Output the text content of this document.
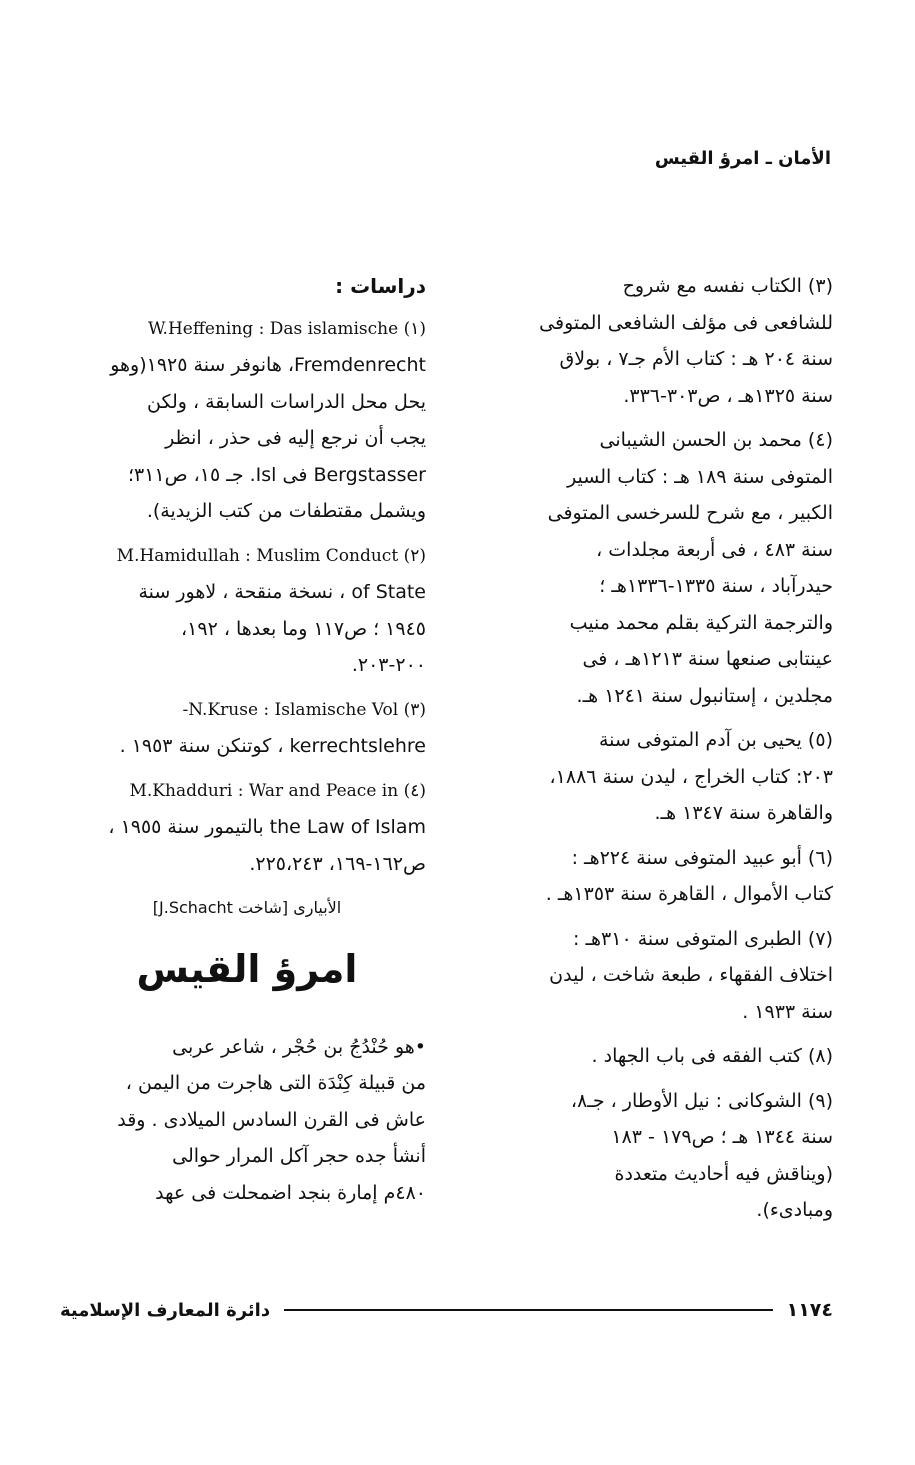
الأمان ـ امرؤ القيس
(٣) الكتاب نفسه مع شروح
للشافعى فى مؤلف الشافعى المتوفى
سنة ٢٠٤ هـ : كتاب الأم جـ٧ ، بولاق
سنة ١٣٢٥هـ ، ص٣٠٣-٣٣٦.
(٤) محمد بن الحسن الشيبانى
المتوفى سنة ١٨٩ هـ : كتاب السير
الكبير ، مع شرح للسرخسى المتوفى
سنة ٤٨٣ ، فى أربعة مجلدات ،
حيدرآباد ، سنة ١٣٣٥-١٣٣٦هـ ؛
والترجمة التركية بقلم محمد منيب
عينتابى صنعها سنة ١٢١٣هـ ، فى
مجلدين ، إستانبول سنة ١٢٤١ هـ.
(٥) يحيى بن آدم المتوفى سنة
٢٠٣: كتاب الخراج ، ليدن سنة ١٨٨٦،
والقاهرة سنة ١٣٤٧ هـ.
(٦) أبو عبيد المتوفى سنة ٢٢٤هـ :
كتاب الأموال ، القاهرة سنة ١٣٥٣هـ .
(٧) الطبرى المتوفى سنة ٣١٠هـ :
اختلاف الفقهاء ، طبعة شاخت ، ليدن
سنة ١٩٣٣ .
(٨) كتب الفقه فى باب الجهاد .
(٩) الشوكانى : نيل الأوطار ، جـ٨،
سنة ١٣٤٤ هـ ؛ ص١٧٩ - ١٨٣
(ويناقش فيه أحاديث متعددة
ومبادىء).
دراسات :
(١) W.Heffening : Das islamische
Fremdenrecht، هانوفر سنة ١٩٢٥(وهو
يحل محل الدراسات السابقة ، ولكن
يجب أن نرجع إليه فى حذر ، انظر
Bergstasser فى Isl. جـ ١٥، ص٣١١؛
ويشمل مقتطفات من كتب الزيدية).
(٢) M.Hamidullah : Muslim Conduct
of State ، نسخة منقحة ، لاهور سنة
١٩٤٥ ؛ ص١١٧ وما بعدها ، ١٩٢،
٢٠٠-٢٠٣.
(٣) N.Kruse : Islamische Vol-
kerrechtslehre ، كوتنكن سنة ١٩٥٣ .
(٤) M.Khadduri : War and Peace in
the Law of Islam بالتيمور سنة ١٩٥٥ ،
ص١٦٢-١٦٩، ٢٢٥،٢٤٣.
الأبيارى [شاخت J.Schacht]
امرؤ القيس
•هو حُنْدُجُ بن حُجْر ، شاعر عربى
من قبيلة كِنْدَة التى هاجرت من اليمن ،
عاش فى القرن السادس الميلادى . وقد
أنشأ جده حجر آكل المرار حوالى
٤٨٠م إمارة بنجد اضمحلت فى عهد
١١٧٤
دائرة المعارف الإسلامية
